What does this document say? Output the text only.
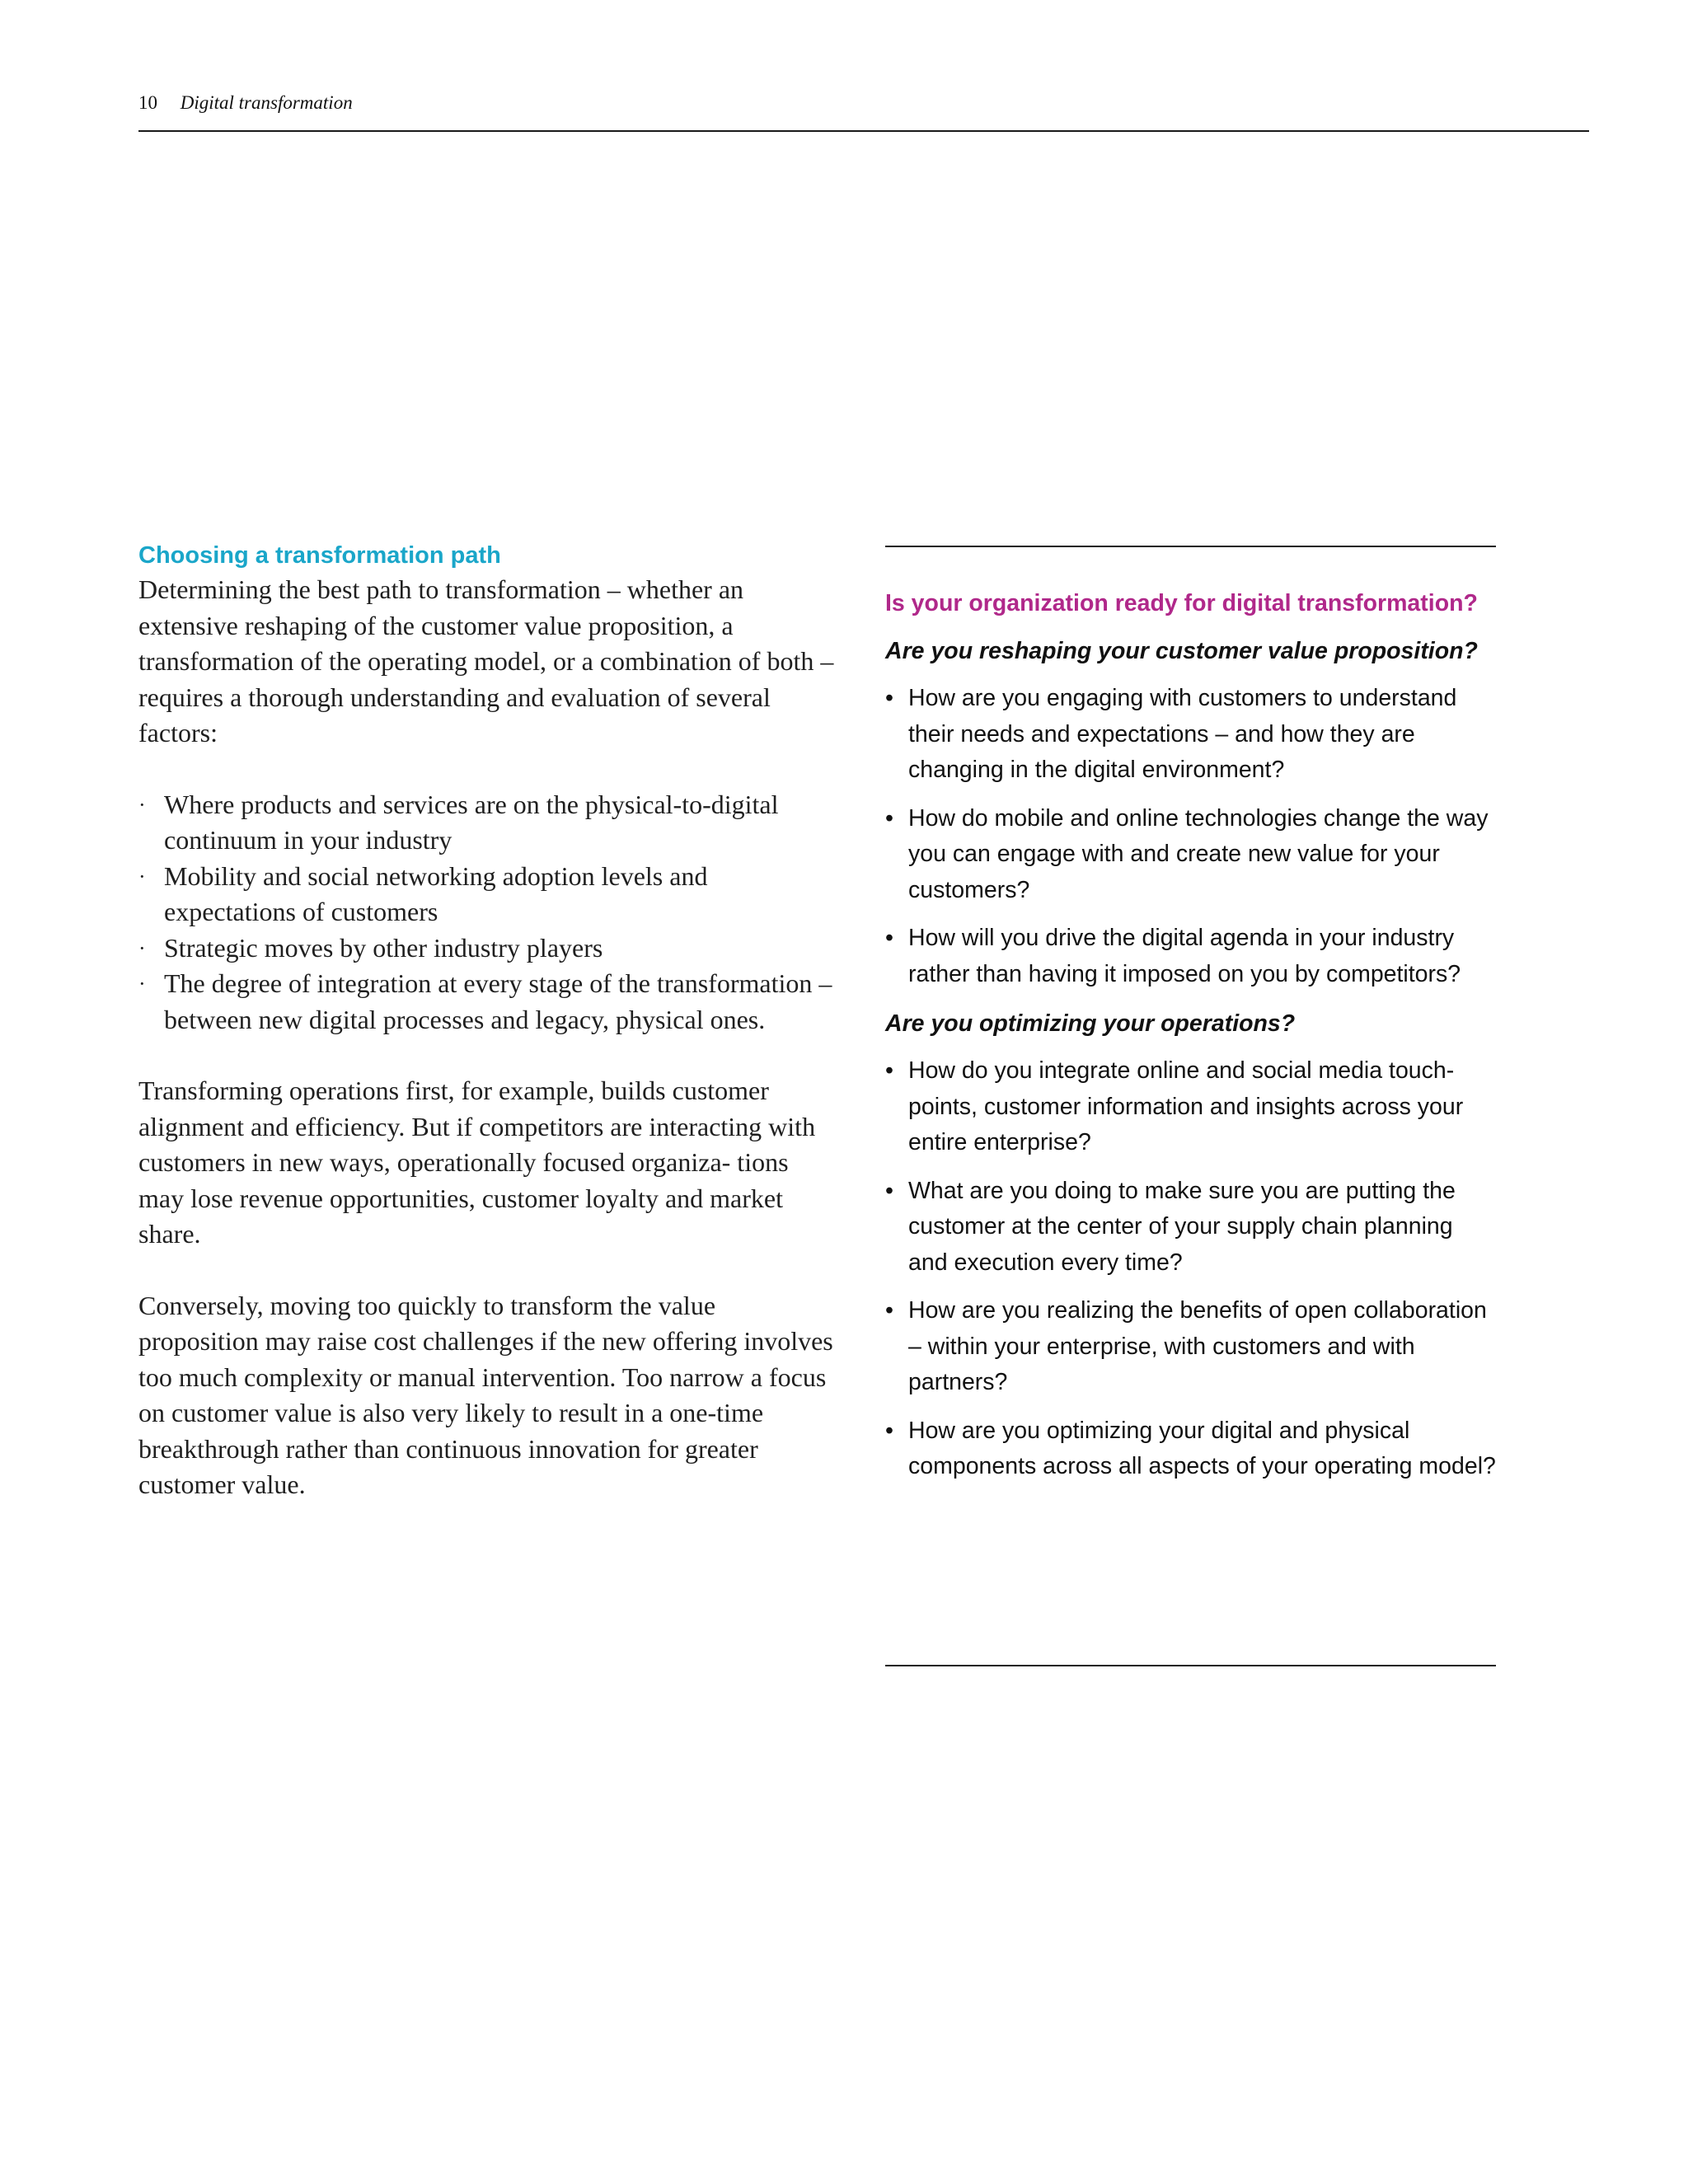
10 Digital transformation
Choosing a transformation path

Determining the best path to transformation – whether an extensive reshaping of the customer value proposition, a transformation of the operating model, or a combination of both – requires a thorough understanding and evaluation of several factors:

· Where products and services are on the physical-to-digital continuum in your industry
· Mobility and social networking adoption levels and expectations of customers
· Strategic moves by other industry players
· The degree of integration at every stage of the transformation – between new digital processes and legacy, physical ones.

Transforming operations first, for example, builds customer alignment and efficiency. But if competitors are interacting with customers in new ways, operationally focused organiza- tions may lose revenue opportunities, customer loyalty and market share.

Conversely, moving too quickly to transform the value proposition may raise cost challenges if the new offering involves too much complexity or manual intervention. Too narrow a focus on customer value is also very likely to result in a one-time breakthrough rather than continuous innovation for greater customer value.

Is your organization ready for digital transformation?

Are you reshaping your customer value proposition?

• How are you engaging with customers to understand their needs and expectations – and how they are changing in the digital environment?
• How do mobile and online technologies change the way you can engage with and create new value for your customers?
• How will you drive the digital agenda in your industry rather than having it imposed on you by competitors?

Are you optimizing your operations?

• How do you integrate online and social media touch-points, customer information and insights across your entire enterprise?
• What are you doing to make sure you are putting the customer at the center of your supply chain planning and execution every time?
• How are you realizing the benefits of open collaboration – within your enterprise, with customers and with partners?
• How are you optimizing your digital and physical components across all aspects of your operating model?
